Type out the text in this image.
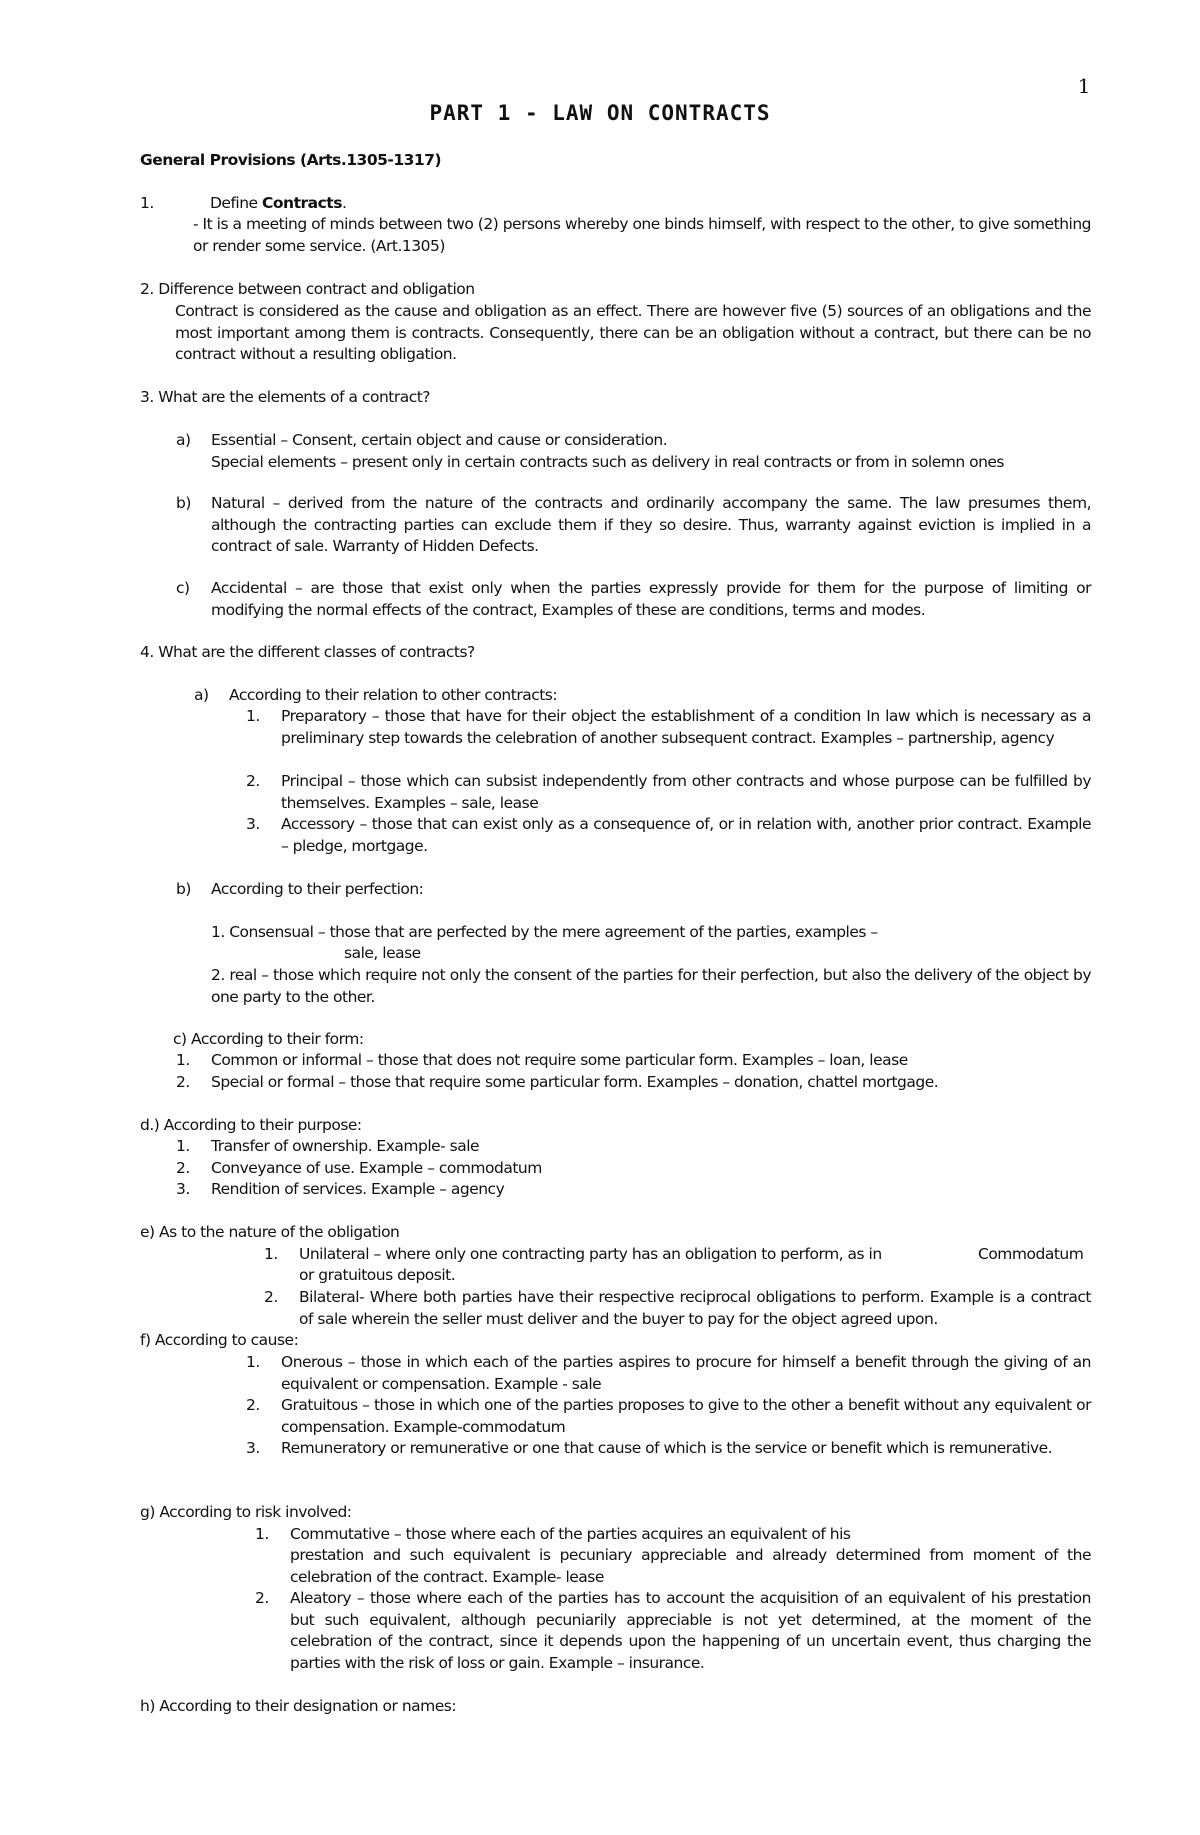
1
PART 1 - LAW ON CONTRACTS
General Provisions (Arts.1305-1317)
1.	Define Contracts.
- It is a meeting of minds between two (2) persons whereby one binds himself, with respect to the other, to give something or render some service. (Art.1305)
2. Difference between contract and obligation
Contract is considered as the cause and obligation as an effect. There are however five (5) sources of an obligations and the most important among them is contracts. Consequently, there can be an obligation without a contract, but there can be no contract without a resulting obligation.
3. What are the elements of a contract?
a) Essential – Consent, certain object and cause or consideration.
Special elements – present only in certain contracts such as delivery in real contracts or from in solemn ones
b) Natural – derived from the nature of the contracts and ordinarily accompany the same. The law presumes them, although the contracting parties can exclude them if they so desire. Thus, warranty against eviction is implied in a contract of sale. Warranty of Hidden Defects.
c) Accidental – are those that exist only when the parties expressly provide for them for the purpose of limiting or modifying the normal effects of the contract, Examples of these are conditions, terms and modes.
4. What are the different classes of contracts?
a) According to their relation to other contracts:
1. Preparatory – those that have for their object the establishment of a condition In law which is necessary as a preliminary step towards the celebration of another subsequent contract. Examples – partnership, agency
2. Principal – those which can subsist independently from other contracts and whose purpose can be fulfilled by themselves. Examples – sale, lease
3. Accessory – those that can exist only as a consequence of, or in relation with, another prior contract. Example – pledge, mortgage.
b) According to their perfection:
1. Consensual – those that are perfected by the mere agreement of the parties, examples –
sale, lease
2. real – those which require not only the consent of the parties for their perfection, but also the delivery of the object by one party to the other.
c) According to their form:
1. Common or informal – those that does not require some particular form. Examples – loan, lease
2. Special or formal – those that require some particular form. Examples – donation, chattel mortgage.
d.) According to their purpose:
1. Transfer of ownership. Example- sale
2. Conveyance of use. Example – commodatum
3. Rendition of services. Example – agency
e) As to the nature of the obligation
1. Unilateral – where only one contracting party has an obligation to perform, as in	Commodatum
or gratuitous deposit.
2. Bilateral- Where both parties have their respective reciprocal obligations to perform. Example is a contract of sale wherein the seller must deliver and the buyer to pay for the object agreed upon.
f) According to cause:
1. Onerous – those in which each of the parties aspires to procure for himself a benefit through the giving of an equivalent or compensation. Example - sale
2. Gratuitous – those in which one of the parties proposes to give to the other a benefit without any equivalent or compensation. Example-commodatum
3. Remuneratory or remunerative or one that cause of which is the service or benefit which is remunerative.
g) According to risk involved:
1. Commutative – those where each of the parties acquires an equivalent of his
prestation and such equivalent is pecuniary appreciable and already determined from moment of the celebration of the contract. Example- lease
2. Aleatory – those where each of the parties has to account the acquisition of an equivalent of his prestation but such equivalent, although pecuniarily appreciable is not yet determined, at the moment of the celebration of the contract, since it depends upon the happening of un uncertain event, thus charging the parties with the risk of loss or gain. Example – insurance.
h) According to their designation or names:
